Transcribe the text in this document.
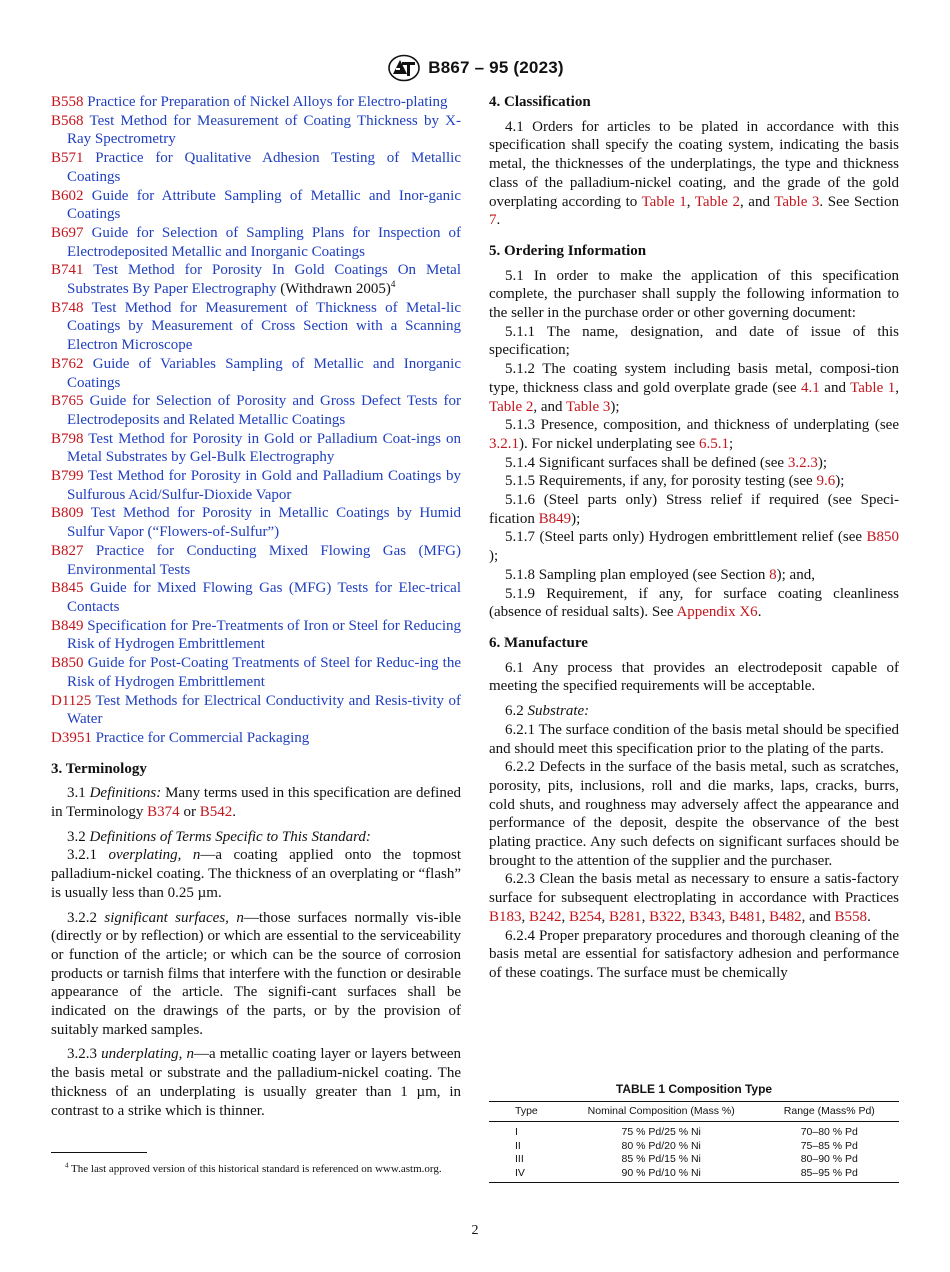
B867 – 95 (2023)
B558 Practice for Preparation of Nickel Alloys for Electro-plating
B568 Test Method for Measurement of Coating Thickness by X-Ray Spectrometry
B571 Practice for Qualitative Adhesion Testing of Metallic Coatings
B602 Guide for Attribute Sampling of Metallic and Inor-ganic Coatings
B697 Guide for Selection of Sampling Plans for Inspection of Electrodeposited Metallic and Inorganic Coatings
B741 Test Method for Porosity In Gold Coatings On Metal Substrates By Paper Electrography (Withdrawn 2005)$^4$
B748 Test Method for Measurement of Thickness of Metal-lic Coatings by Measurement of Cross Section with a Scanning Electron Microscope
B762 Guide of Variables Sampling of Metallic and Inorganic Coatings
B765 Guide for Selection of Porosity and Gross Defect Tests for Electrodeposits and Related Metallic Coatings
B798 Test Method for Porosity in Gold or Palladium Coat-ings on Metal Substrates by Gel-Bulk Electrography
B799 Test Method for Porosity in Gold and Palladium Coatings by Sulfurous Acid/Sulfur-Dioxide Vapor
B809 Test Method for Porosity in Metallic Coatings by Humid Sulfur Vapor (“Flowers-of-Sulfur”)
B827 Practice for Conducting Mixed Flowing Gas (MFG) Environmental Tests
B845 Guide for Mixed Flowing Gas (MFG) Tests for Elec-trical Contacts
B849 Specification for Pre-Treatments of Iron or Steel for Reducing Risk of Hydrogen Embrittlement
B850 Guide for Post-Coating Treatments of Steel for Reduc-ing the Risk of Hydrogen Embrittlement
D1125 Test Methods for Electrical Conductivity and Resis-tivity of Water
D3951 Practice for Commercial Packaging
3. Terminology

3.1 Definitions: Many terms used in this specification are defined in Terminology B374 or B542.

3.2 Definitions of Terms Specific to This Standard:

3.2.1 overplating, n—a coating applied onto the topmost palladium-nickel coating. The thickness of an overplating or “flash” is usually less than 0.25 µm.

3.2.2 significant surfaces, n—those surfaces normally vis-ible (directly or by reflection) or which are essential to the serviceability or function of the article; or which can be the source of corrosion products or tarnish films that interfere with the function or desirable appearance of the article. The signifi-cant surfaces shall be indicated on the drawings of the parts, or by the provision of suitably marked samples.

3.2.3 underplating, n—a metallic coating layer or layers between the basis metal or substrate and the palladium-nickel coating. The thickness of an underplating is usually greater than 1 µm, in contrast to a strike which is thinner.

$^4$ The last approved version of this historical standard is referenced on www.astm.org.
4. Classification

4.1 Orders for articles to be plated in accordance with this specification shall specify the coating system, indicating the basis metal, the thicknesses of the underplatings, the type and thickness class of the palladium-nickel coating, and the grade of the gold overplating according to Table 1, Table 2, and Table 3. See Section 7.

5. Ordering Information

5.1 In order to make the application of this specification complete, the purchaser shall supply the following information to the seller in the purchase order or other governing document:

5.1.1 The name, designation, and date of issue of this specification;

5.1.2 The coating system including basis metal, composi-tion type, thickness class and gold overplate grade (see 4.1 and Table 1, Table 2, and Table 3);

5.1.3 Presence, composition, and thickness of underplating (see 3.2.1). For nickel underplating see 6.5.1;

5.1.4 Significant surfaces shall be defined (see 3.2.3);

5.1.5 Requirements, if any, for porosity testing (see 9.6);

5.1.6 (Steel parts only) Stress relief if required (see Speci-fication B849);

5.1.7 (Steel parts only) Hydrogen embrittlement relief (see B850 );

5.1.8 Sampling plan employed (see Section 8); and,

5.1.9 Requirement, if any, for surface coating cleanliness (absence of residual salts). See Appendix X6.

6. Manufacture

6.1 Any process that provides an electrodeposit capable of meeting the specified requirements will be acceptable.

6.2 Substrate:

6.2.1 The surface condition of the basis metal should be specified and should meet this specification prior to the plating of the parts.

6.2.2 Defects in the surface of the basis metal, such as scratches, porosity, pits, inclusions, roll and die marks, laps, cracks, burrs, cold shuts, and roughness may adversely affect the appearance and performance of the deposit, despite the observance of the best plating practice. Any such defects on significant surfaces should be brought to the attention of the supplier and the purchaser.

6.2.3 Clean the basis metal as necessary to ensure a satis-factory surface for subsequent electroplating in accordance with Practices B183, B242, B254, B281, B322, B343, B481, B482, and B558.

6.2.4 Proper preparatory procedures and thorough cleaning of the basis metal are essential for satisfactory adhesion and performance of these coatings. The surface must be chemically

TABLE 1 Composition Type
Type	Nominal Composition (Mass %)	Range (Mass% Pd)
I	75 % Pd/25 % Ni	70–80 % Pd
II	80 % Pd/20 % Ni	75–85 % Pd
III	85 % Pd/15 % Ni	80–90 % Pd
IV	90 % Pd/10 % Ni	85–95 % Pd
2
